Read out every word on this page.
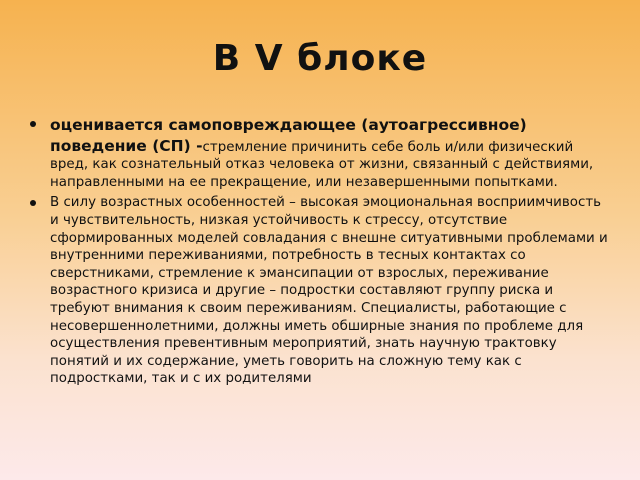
В V блоке
оценивается самоповреждающее (аутоагрессивное) поведение (СП) -стремление причинить себе боль и/или физический вред, как сознательный отказ человека от жизни, связанный с действиями, направленными на ее прекращение, или незавершенными попытками.
В силу возрастных особенностей – высокая эмоциональная восприимчивость и чувствительность, низкая устойчивость к стрессу, отсутствие сформированных моделей совладания с внешне ситуативными проблемами и внутренними переживаниями, потребность в тесных контактах со сверстниками, стремление к эмансипации от взрослых, переживание возрастного кризиса и другие – подростки составляют группу риска и требуют внимания к своим переживаниям. Специалисты, работающие с несовершеннолетними, должны иметь обширные знания по проблеме для осуществления превентивным мероприятий, знать научную трактовку понятий и их содержание, уметь говорить на сложную тему как с подростками, так и с их родителями
